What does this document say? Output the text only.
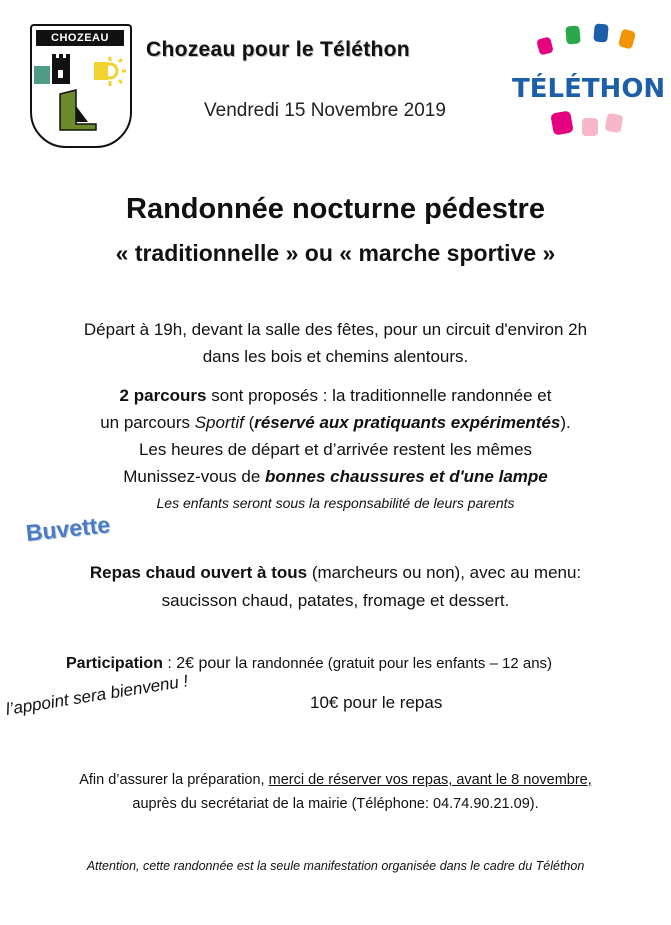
CHOZEAU	Chozeau pour le Téléthon
Vendredi 15 Novembre 2019
TÉLÉTHON
Randonnée nocturne pédestre
« traditionnelle » ou « marche sportive »
Départ à 19h, devant la salle des fêtes, pour un circuit d'environ 2h
dans les bois et chemins alentours.
2 parcours sont proposés : la traditionnelle randonnée et
un parcours Sportif (réservé aux pratiquants expérimentés).
Les heures de départ et d’arrivée restent les mêmes
Munissez-vous de bonnes chaussures et d'une lampe
Les enfants seront sous la responsabilité de leurs parents
Buvette
Repas chaud ouvert à tous (marcheurs ou non), avec au menu:
saucisson chaud, patates, fromage et dessert.
Participation : 2€ pour la randonnée (gratuit pour les enfants – 12 ans)
10€ pour le repas
l’appoint sera bienvenu !
Afin d’assurer la préparation, merci de réserver vos repas, avant le 8 novembre,
auprès du secrétariat de la mairie (Téléphone: 04.74.90.21.09).
Attention, cette randonnée est la seule manifestation organisée dans le cadre du Téléthon
